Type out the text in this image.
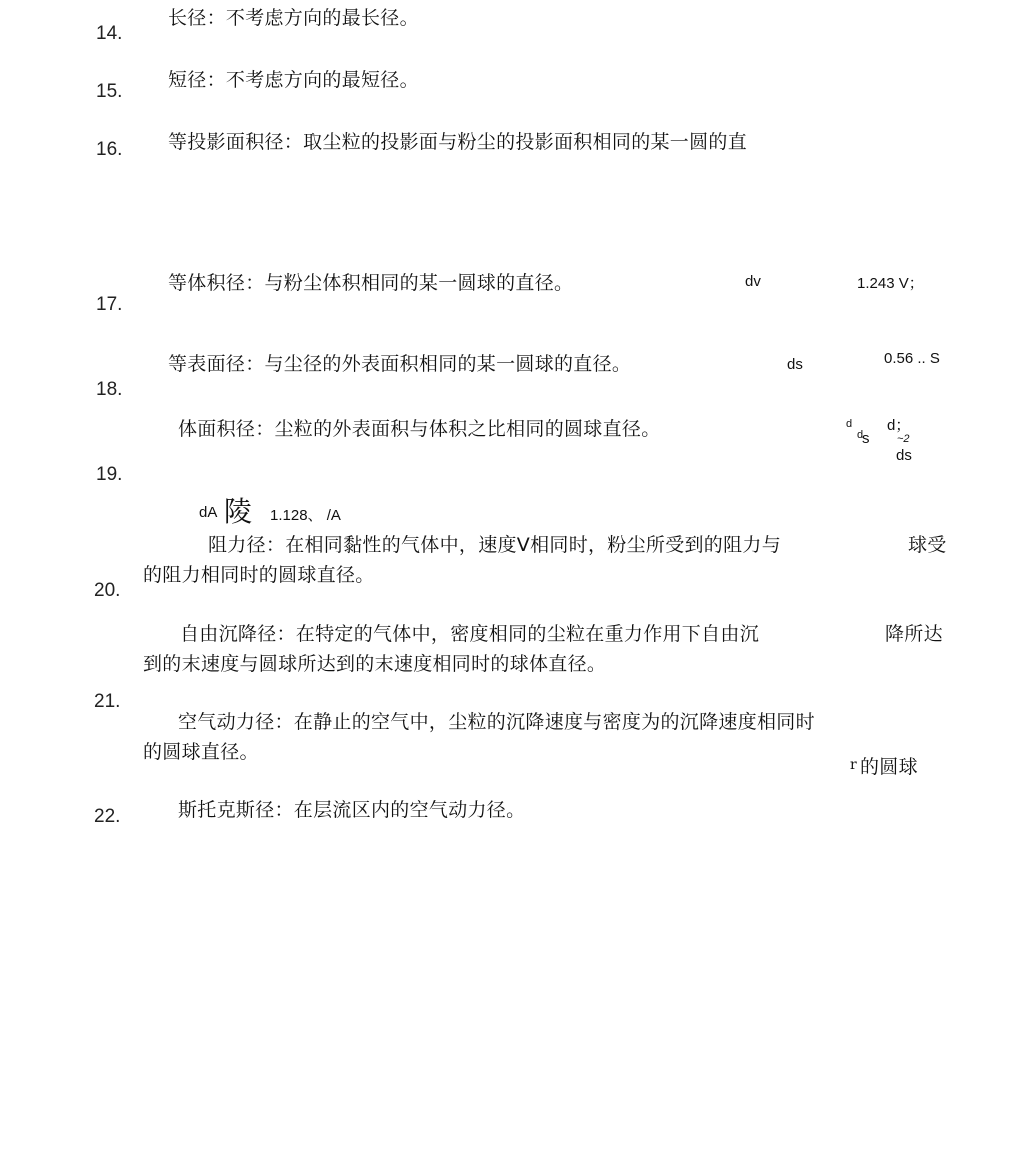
长径：不考虑方向的最长径。
14.
短径：不考虑方向的最短径。
15.
等投影面积径：取尘粒的投影面与粉尘的投影面积相同的某一圆的直
16.
等体积径：与粉尘体积相同的某一圆球的直径。	dv	1.243 V；
17.
等表面径：与尘径的外表面积相同的某一圆球的直径。	ds	0.56 .. S
18.
体面积径：尘粒的外表面积与体积之比相同的圆球直径。	d
d
s
d；
~2
ds
19.
dA 陵 1.128、 /A
阻力径：在相同黏性的气体中，速度V相同时，粉尘所受到的阻力与	球受
的阻力相同时的圆球直径。
20.
自由沉降径：在特定的气体中，密度相同的尘粒在重力作用下自由沉	降所达
到的末速度与圆球所达到的末速度相同时的球体直径。
21.
空气动力径：在静止的空气中，尘粒的沉降速度与密度为的沉降速度相同时
的圆球直径。
r 的圆球
斯托克斯径：在层流区内的空气动力径。
22.
